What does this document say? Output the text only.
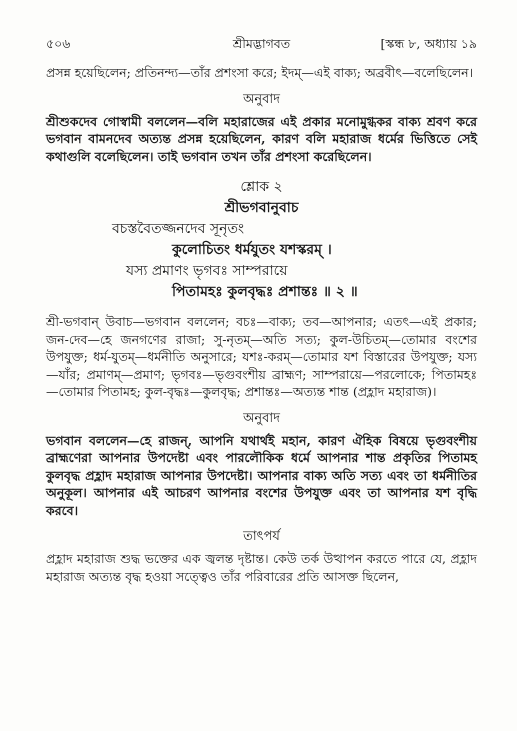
৫০৬	শ্রীমদ্ভাগবত	[স্কন্ধ ৮, অধ্যায় ১৯

প্রসন্ন হয়েছিলেন; প্রতিনন্দ্য—তাঁর প্রশংসা করে; ইদম্—এই বাক্য; অব্রবীৎ—বলেছিলেন।

অনুবাদ

শ্রীশুকদেব গোস্বামী বললেন—বলি মহারাজের এই প্রকার মনোমুগ্ধকর বাক্য শ্রবণ করে ভগবান বামনদেব অত্যন্ত প্রসন্ন হয়েছিলেন, কারণ বলি মহারাজ ধর্মের ভিত্তিতে সেই কথাগুলি বলেছিলেন। তাই ভগবান তখন তাঁর প্রশংসা করেছিলেন।

শ্লোক ২
শ্রীভগবানুবাচ
বচস্তবৈতজ্জনদেব সূনৃতং
কুলোচিতং ধর্মযুতং যশস্করম্ ।
যস্য প্রমাণং ভৃগবঃ সাম্পরায়ে
পিতামহঃ কুলবৃদ্ধঃ প্রশান্তঃ ॥ ২ ॥

শ্রী-ভগবান্ উবাচ—ভগবান বললেন; বচঃ—বাক্য; তব—আপনার; এতৎ—এই প্রকার; জন-দেব—হে জনগণের রাজা; সু-নৃতম্—অতি সত্য; কুল-উচিতম্—তোমার বংশের উপযুক্ত; ধর্ম-যুতম্—ধর্মনীতি অনুসারে; যশঃ-করম্—তোমার যশ বিস্তারের উপযুক্ত; যস্য—যাঁর; প্রমাণম্—প্রমাণ; ভৃগবঃ—ভৃগুবংশীয় ব্রাহ্মণ; সাম্পরায়ে—পরলোকে; পিতামহঃ—তোমার পিতামহ; কুল-বৃদ্ধঃ—কুলবৃদ্ধ; প্রশান্তঃ—অত্যন্ত শান্ত (প্রহ্লাদ মহারাজ)।

অনুবাদ

ভগবান বললেন—হে রাজন্, আপনি যথার্থই মহান, কারণ ঐহিক বিষয়ে ভৃগুবংশীয় ব্রাহ্মণেরা আপনার উপদেষ্টা এবং পারলৌকিক ধর্মে আপনার শান্ত প্রকৃতির পিতামহ কুলবৃদ্ধ প্রহ্লাদ মহারাজ আপনার উপদেষ্টা। আপনার বাক্য অতি সত্য এবং তা ধর্মনীতির অনুকূল। আপনার এই আচরণ আপনার বংশের উপযুক্ত এবং তা আপনার যশ বৃদ্ধি করবে।

তাৎপর্য

প্রহ্লাদ মহারাজ শুদ্ধ ভক্তের এক জ্বলন্ত দৃষ্টান্ত। কেউ তর্ক উত্থাপন করতে পারে যে, প্রহ্লাদ মহারাজ অত্যন্ত বৃদ্ধ হওয়া সত্ত্বেও তাঁর পরিবারের প্রতি আসক্ত ছিলেন,
